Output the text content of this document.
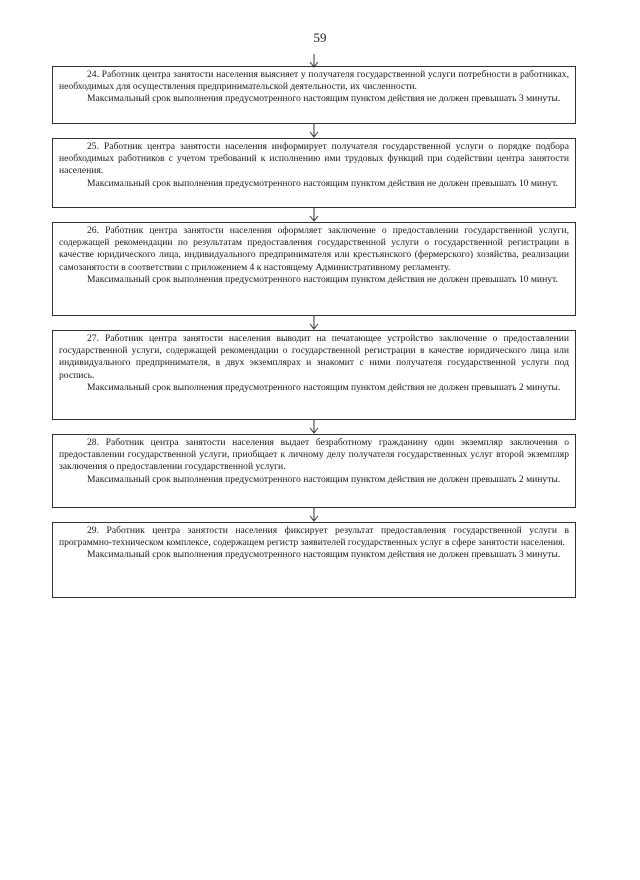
59

24. Работник центра занятости населения выясняет у получателя государственной услуги потребности в работниках, необходимых для осуществления предпринимательской деятельности, их численности.

Максимальный срок выполнения предусмотренного настоящим пунктом действия не должен превышать 3 минуты.

25. Работник центра занятости населения информирует получателя государственной услуги о порядке подбора необходимых работников с учетом требований к исполнению ими трудовых функций при содействии центра занятости населения.

Максимальный срок выполнения предусмотренного настоящим пунктом действия не должен превышать 10 минут.

26. Работник центра занятости населения оформляет заключение о предоставлении государственной услуги, содержащей рекомендации по результатам предоставления государственной услуги о государственной регистрации в качестве юридического лица, индивидуального предпринимателя или крестьянского (фермерского) хозяйства, реализации самозанятости в соответствии с приложением 4 к настоящему Административному регламенту.

Максимальный срок выполнения предусмотренного настоящим пунктом действия не должен превышать 10 минут.

27. Работник центра занятости населения выводит на печатающее устройство заключение о предоставлении государственной услуги, содержащей рекомендации о государственной регистрации в качестве юридического лица или индивидуального предпринимателя, в двух экземплярах и знакомит с ними получателя государственной услуги под роспись.

Максимальный срок выполнения предусмотренного настоящим пунктом действия не должен превышать 2 минуты.

28. Работник центра занятости населения выдает безработному гражданину один экземпляр заключения о предоставлении государственной услуги, приобщает к личному делу получателя государственных услуг второй экземпляр заключения о предоставлении государственной услуги.

Максимальный срок выполнения предусмотренного настоящим пунктом действия не должен превышать 2 минуты.

29. Работник центра занятости населения фиксирует результат предоставления государственной услуги в программно-техническом комплексе, содержащем регистр заявителей государственных услуг в сфере занятости населения.

Максимальный срок выполнения предусмотренного настоящим пунктом действия не должен превышать 3 минуты.
